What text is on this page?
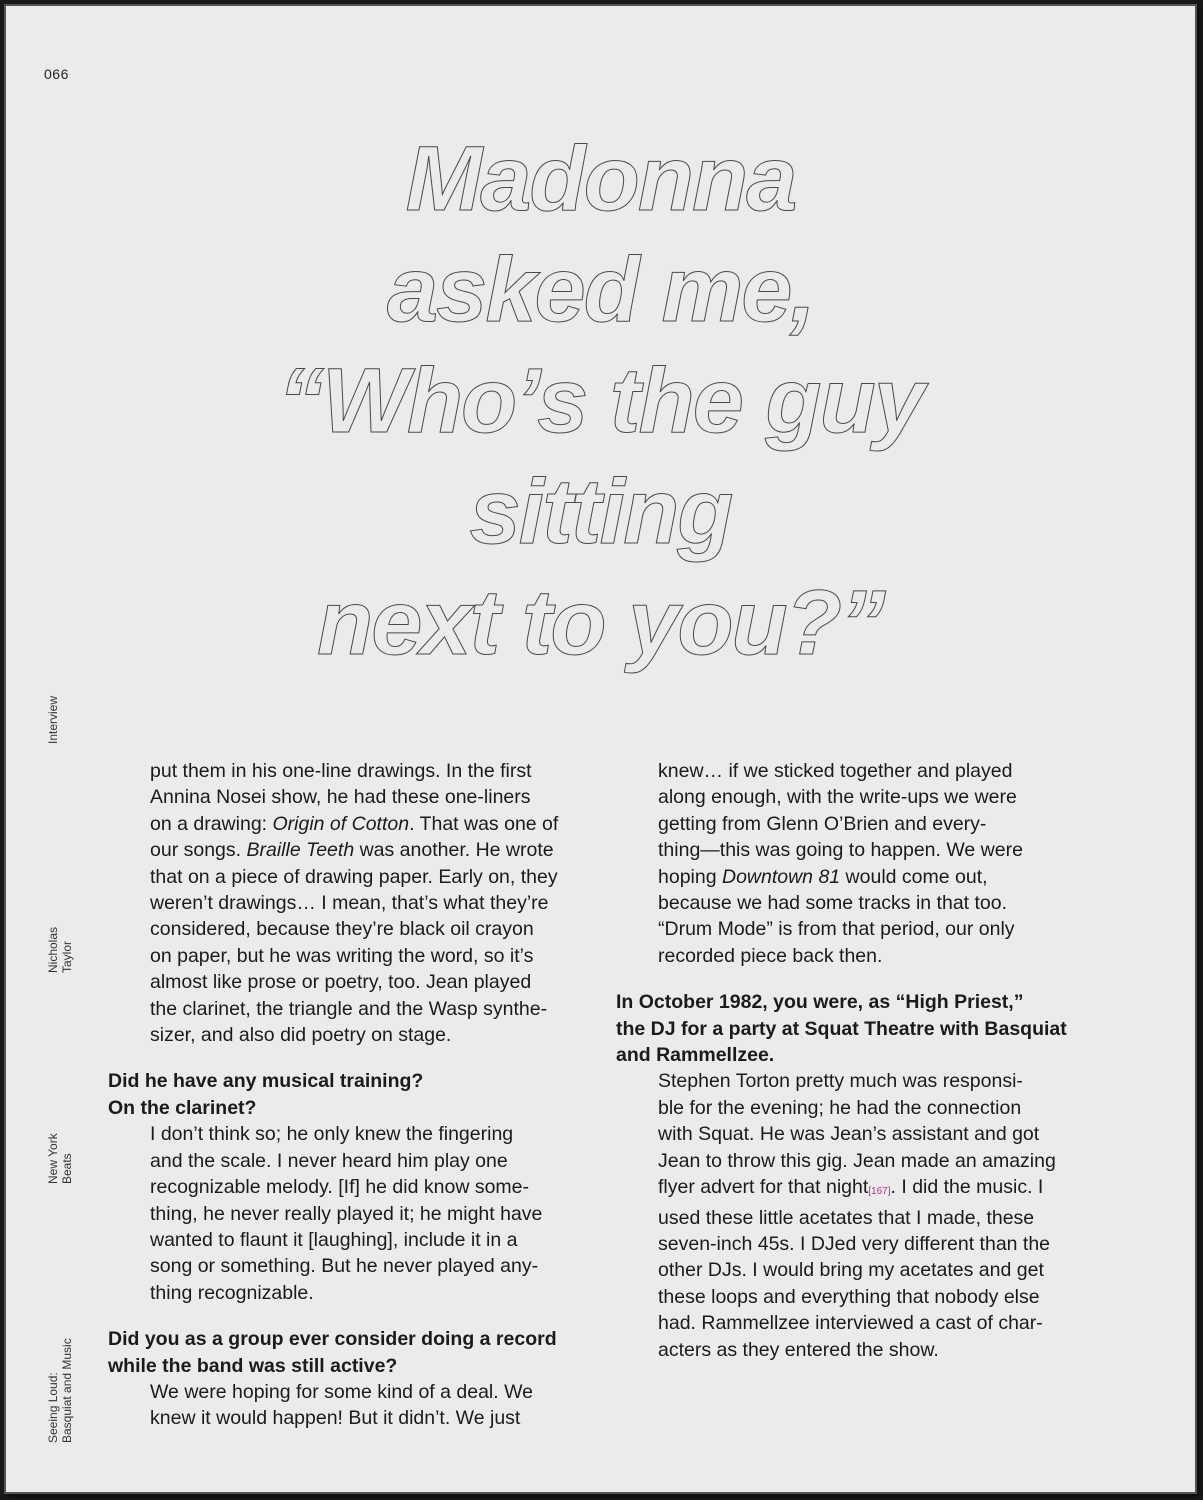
066
Madonna
asked me,
“Who’s the guy
sitting
next to you?”
Interview
Nicholas Taylor
New York Beats
Seeing Loud: Basquiat and Music

put them in his one-line drawings. In the first
Annina Nosei show, he had these one-liners
on a drawing: Origin of Cotton. That was one of
our songs. Braille Teeth was another. He wrote
that on a piece of drawing paper. Early on, they
weren’t drawings… I mean, that’s what they’re
considered, because they’re black oil crayon
on paper, but he was writing the word, so it’s
almost like prose or poetry, too. Jean played
the clarinet, the triangle and the Wasp synthe-
sizer, and also did poetry on stage.

Did he have any musical training?
On the clarinet?

I don’t think so; he only knew the fingering
and the scale. I never heard him play one
recognizable melody. [If] he did know some-
thing, he never really played it; he might have
wanted to flaunt it [laughing], include it in a
song or something. But he never played any-
thing recognizable.

Did you as a group ever consider doing a record
while the band was still active?

We were hoping for some kind of a deal. We
knew it would happen! But it didn’t. We just

knew… if we sticked together and played
along enough, with the write-ups we were
getting from Glenn O’Brien and every-
thing—this was going to happen. We were
hoping Downtown 81 would come out,
because we had some tracks in that too.
“Drum Mode” is from that period, our only
recorded piece back then.

In October 1982, you were, as “High Priest,”
the DJ for a party at Squat Theatre with Basquiat
and Rammellzee.

Stephen Torton pretty much was responsi-
ble for the evening; he had the connection
with Squat. He was Jean’s assistant and got
Jean to throw this gig. Jean made an amazing
flyer advert for that night[167]. I did the music. I
used these little acetates that I made, these
seven-inch 45s. I DJed very different than the
other DJs. I would bring my acetates and get
these loops and everything that nobody else
had. Rammellzee interviewed a cast of char-
acters as they entered the show.
